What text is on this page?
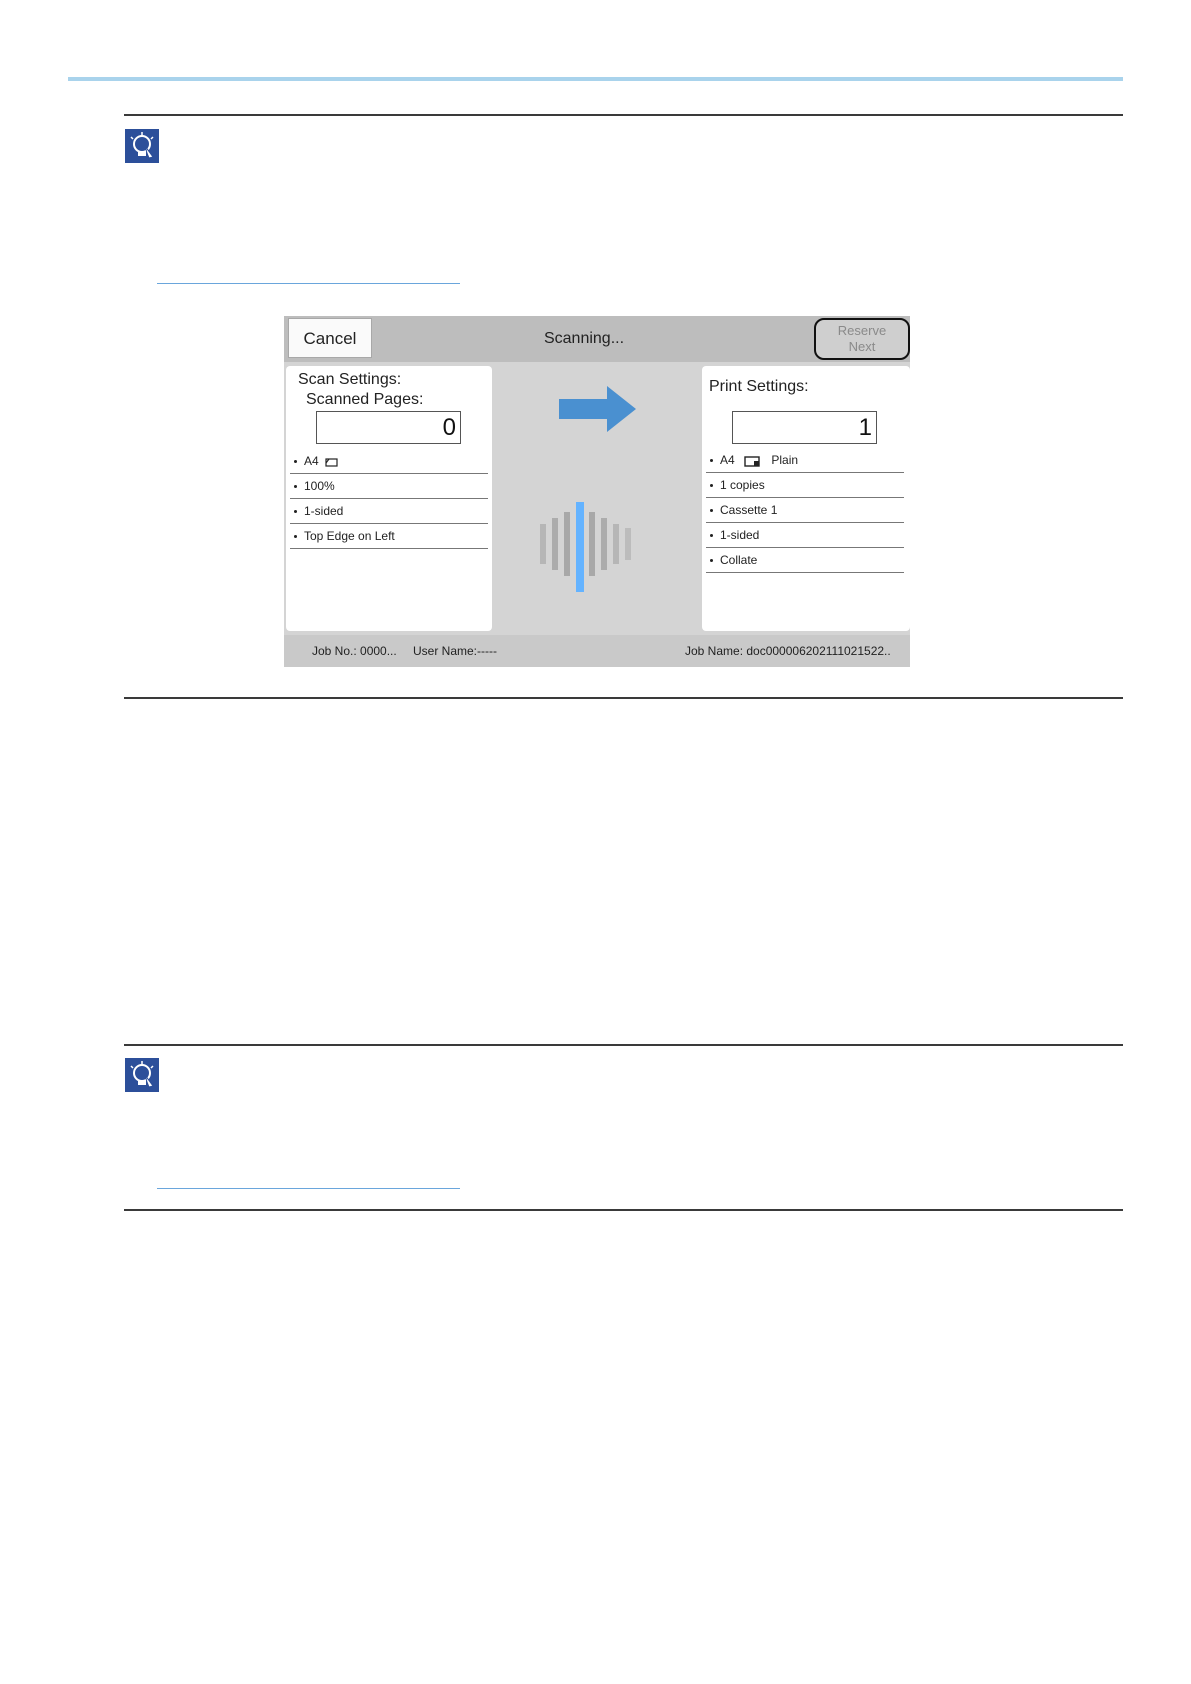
Cancel	Scanning...	Reserve
Next
Scan Settings:
Scanned Pages:
0
A4
100%
1-sided
Top Edge on Left
Print Settings:
1
A4	Plain
1 copies
Cassette 1
1-sided
Collate
Job No.: 0000... User Name:-----	Job Name: doc000006202111021522..
